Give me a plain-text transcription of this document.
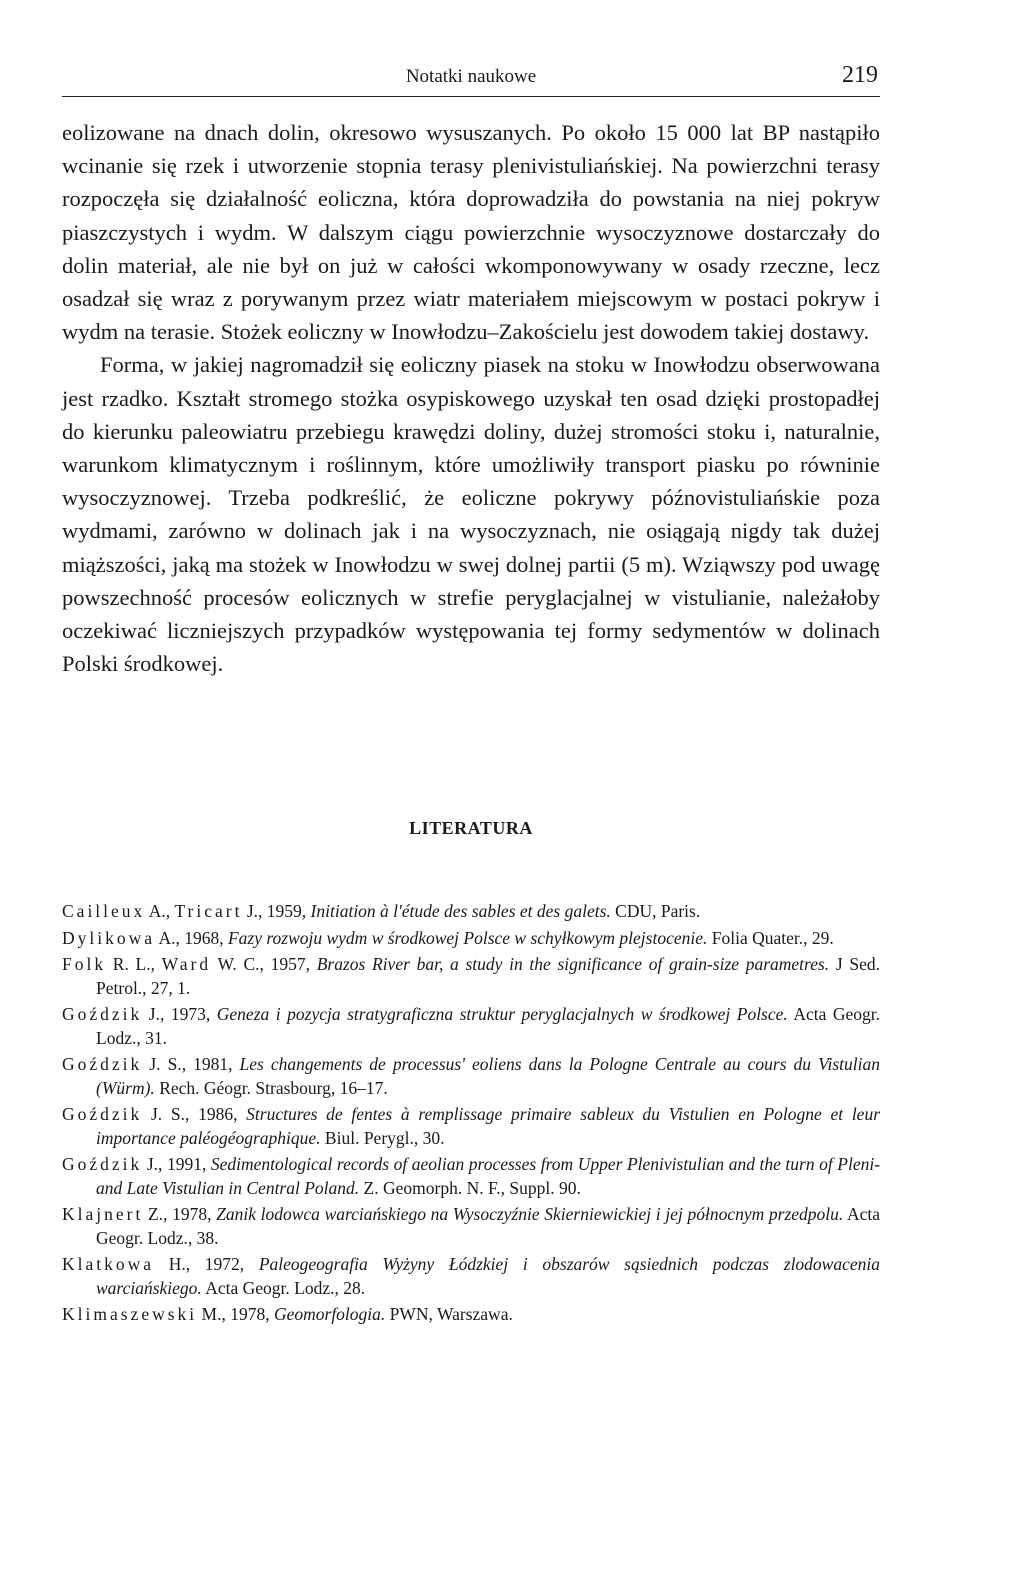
Notatki naukowe	219

eolizowane na dnach dolin, okresowo wysuszanych. Po około 15 000 lat BP nastąpiło wcinanie się rzek i utworzenie stopnia terasy plenivistuliańskiej. Na powierzchni terasy rozpoczęła się działalność eoliczna, która doprowadziła do powstania na niej pokryw piaszczystych i wydm. W dalszym ciągu powierzchnie wysoczyznowe dostarczały do dolin materiał, ale nie był on już w całości wkomponowywany w osady rzeczne, lecz osadzał się wraz z porywanym przez wiatr materiałem miejscowym w postaci pokryw i wydm na terasie. Stożek eoliczny w Inowłodzu–Zakościelu jest dowodem takiej dostawy.

Forma, w jakiej nagromadził się eoliczny piasek na stoku w Inowłodzu obserwowana jest rzadko. Kształt stromego stożka osypiskowego uzyskał ten osad dzięki prostopadłej do kierunku paleowiatru przebiegu krawędzi doliny, dużej stromości stoku i, naturalnie, warunkom klimatycznym i roślinnym, które umożliwiły transport piasku po równinie wysoczyznowej. Trzeba podkreślić, że eoliczne pokrywy późnovistuliańskie poza wydmami, zarówno w dolinach jak i na wysoczyznach, nie osiągają nigdy tak dużej miąższości, jaką ma stożek w Inowłodzu w swej dolnej partii (5 m). Wziąwszy pod uwagę powszechność procesów eolicznych w strefie peryglacjalnej w vistulianie, należałoby oczekiwać liczniejszych przypadków występowania tej formy sedymentów w dolinach Polski środkowej.

LITERATURA
Cailleux A., Tricart J., 1959, Initiation à l'étude des sables et des galets. CDU, Paris.
Dylikowa A., 1968, Fazy rozwoju wydm w środkowej Polsce w schyłkowym plejstocenie. Folia Quater., 29.
Folk R. L., Ward W. C., 1957, Brazos River bar, a study in the significance of grain-size parametres. J Sed. Petrol., 27, 1.
Goździk J., 1973, Geneza i pozycja stratygraficzna struktur peryglacjalnych w środkowej Polsce. Acta Geogr. Lodz., 31.
Goździk J. S., 1981, Les changements de processus' eoliens dans la Pologne Centrale au cours du Vistulian (Würm). Rech. Géogr. Strasbourg, 16–17.
Goździk J. S., 1986, Structures de fentes à remplissage primaire sableux du Vistulien en Pologne et leur importance paléogéographique. Biul. Perygl., 30.
Goździk J., 1991, Sedimentological records of aeolian processes from Upper Plenivistulian and the turn of Pleni- and Late Vistulian in Central Poland. Z. Geomorph. N. F., Suppl. 90.
Klajnert Z., 1978, Zanik lodowca warciańskiego na Wysoczyźnie Skierniewickiej i jej północnym przedpolu. Acta Geogr. Lodz., 38.
Klatkowa H., 1972, Paleogeografia Wyżyny Łódzkiej i obszarów sąsiednich podczas zlodowacenia warciańskiego. Acta Geogr. Lodz., 28.
Klimaszewski M., 1978, Geomorfologia. PWN, Warszawa.
